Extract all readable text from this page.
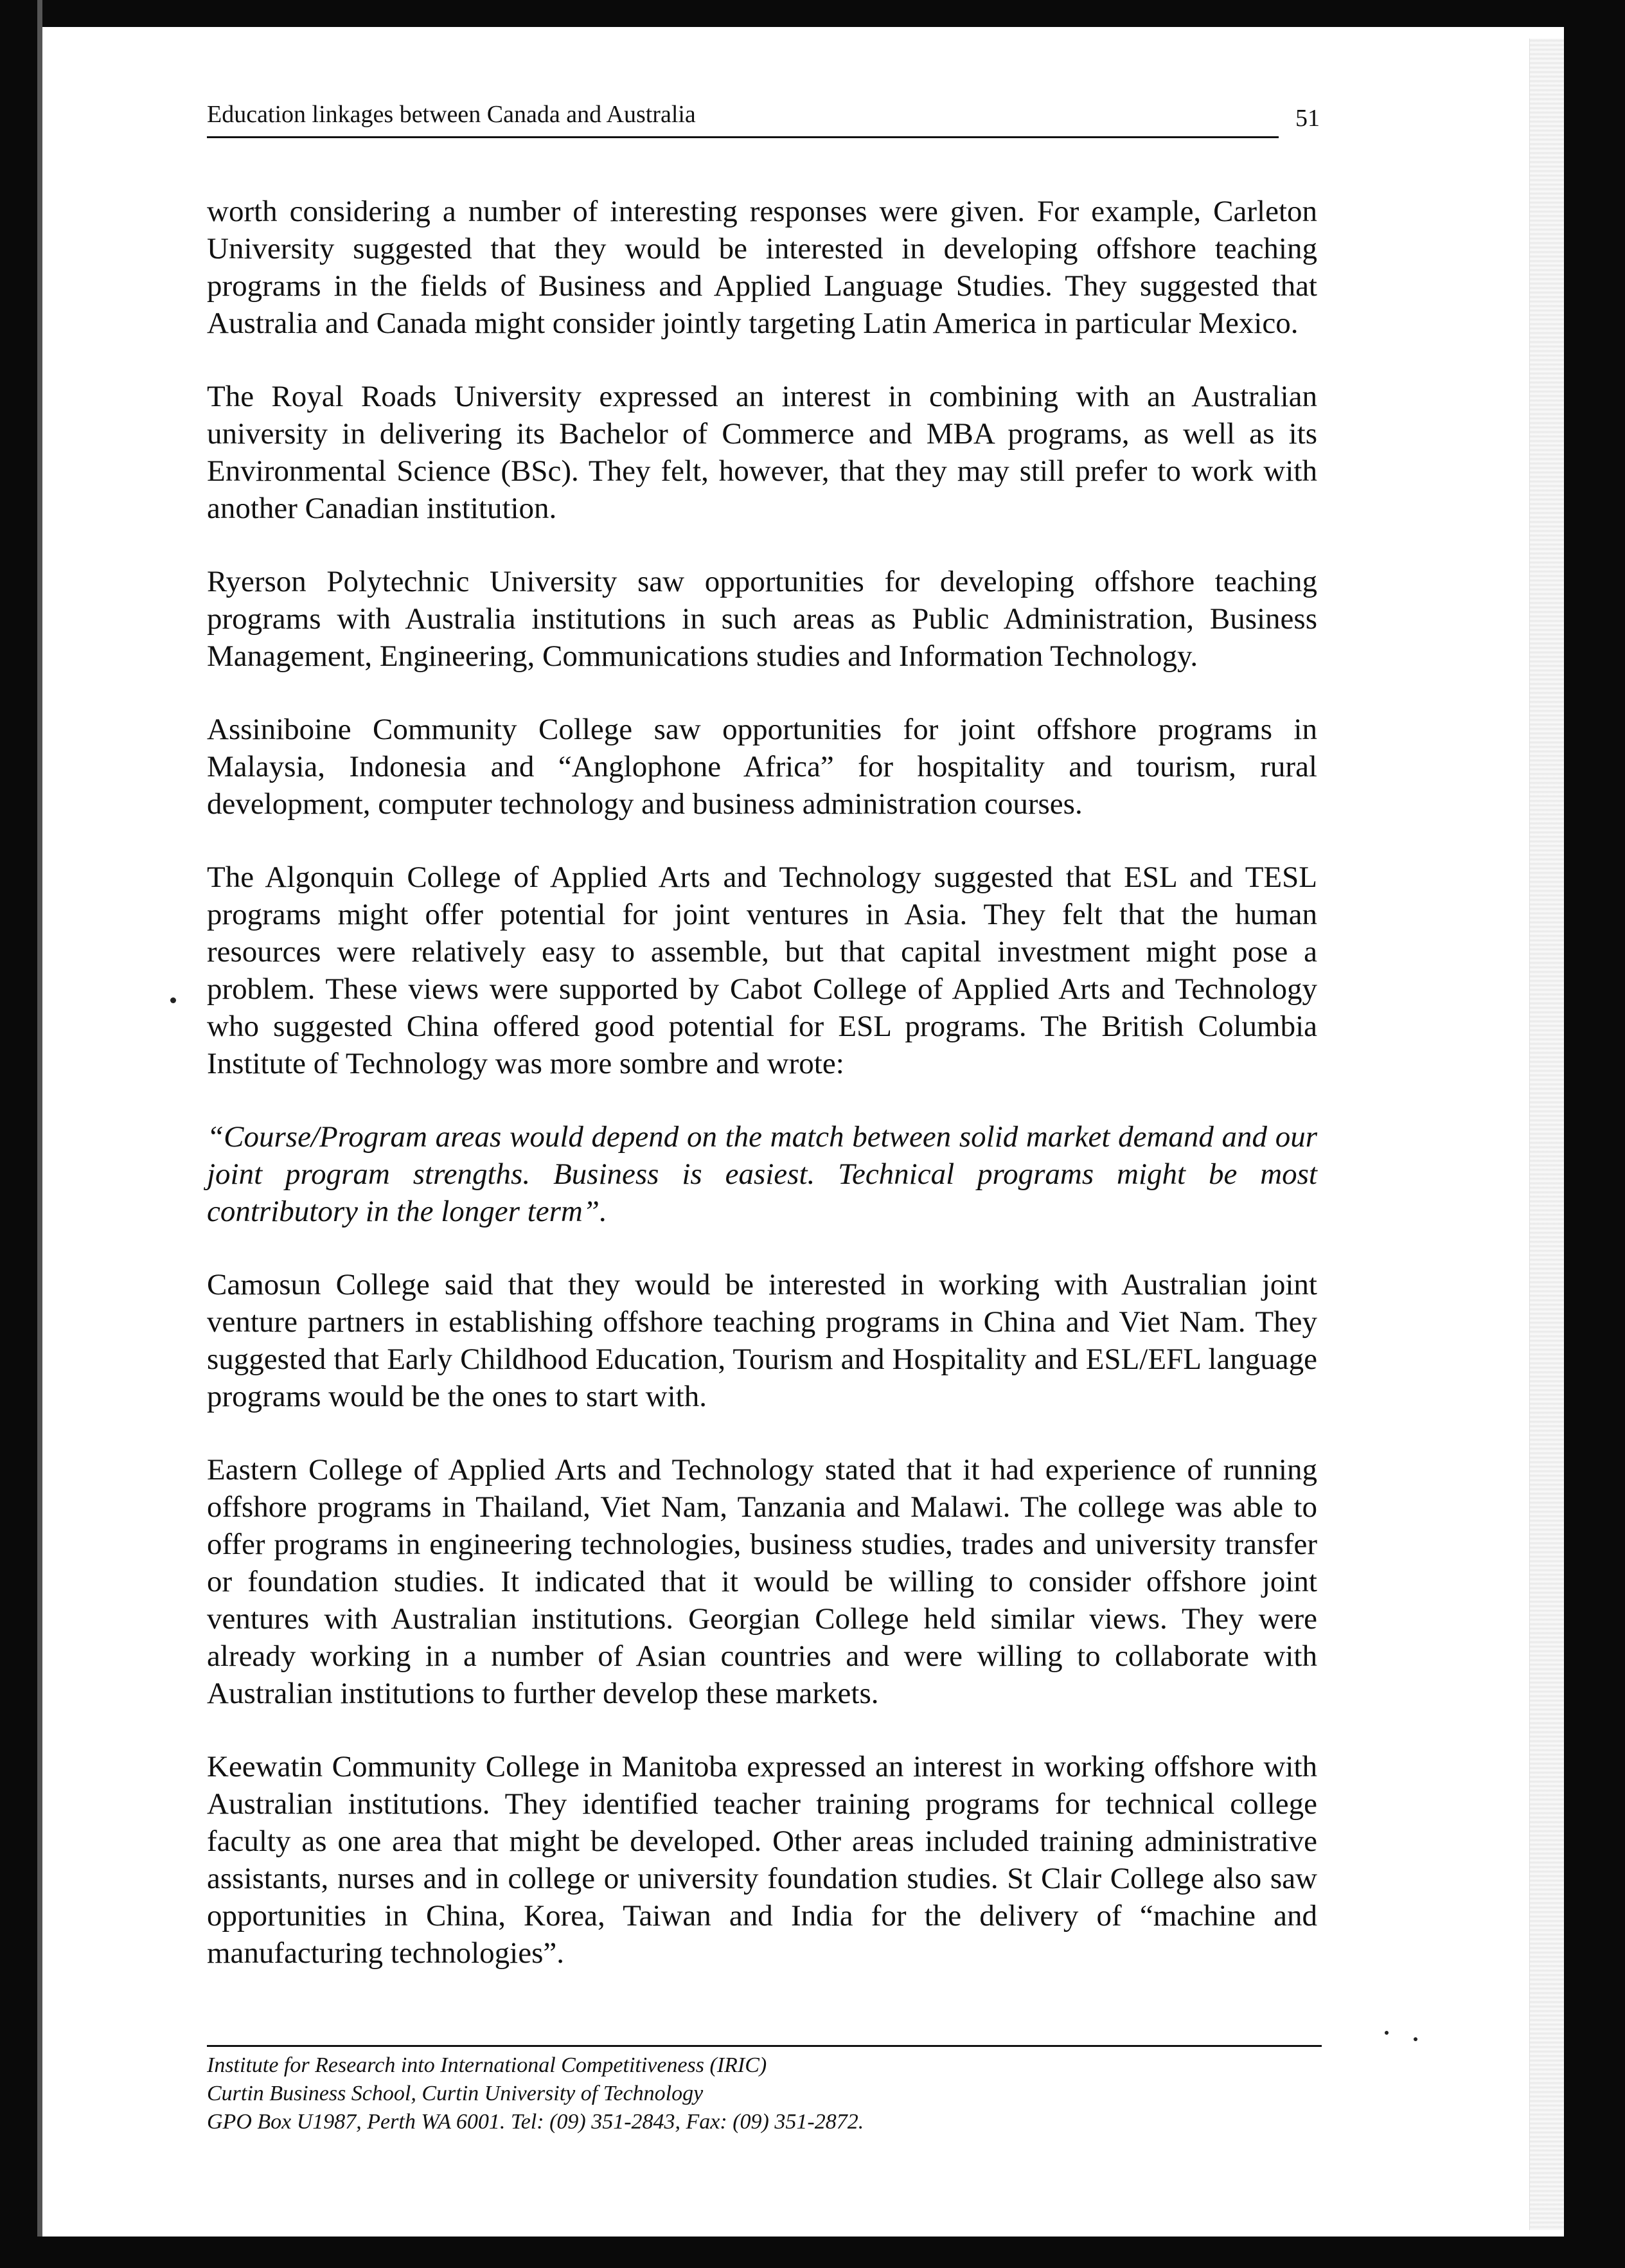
Education linkages between Canada and Australia	51

worth considering a number of interesting responses were given. For example, Carleton University suggested that they would be interested in developing offshore teaching programs in the fields of Business and Applied Language Studies. They suggested that Australia and Canada might consider jointly targeting Latin America in particular Mexico.

The Royal Roads University expressed an interest in combining with an Australian university in delivering its Bachelor of Commerce and MBA programs, as well as its Environmental Science (BSc). They felt, however, that they may still prefer to work with another Canadian institution.

Ryerson Polytechnic University saw opportunities for developing offshore teaching programs with Australia institutions in such areas as Public Administration, Business Management, Engineering, Communications studies and Information Technology.

Assiniboine Community College saw opportunities for joint offshore programs in Malaysia, Indonesia and “Anglophone Africa” for hospitality and tourism, rural development, computer technology and business administration courses.

The Algonquin College of Applied Arts and Technology suggested that ESL and TESL programs might offer potential for joint ventures in Asia. They felt that the human resources were relatively easy to assemble, but that capital investment might pose a problem. These views were supported by Cabot College of Applied Arts and Technology who suggested China offered good potential for ESL programs. The British Columbia Institute of Technology was more sombre and wrote:

“Course/Program areas would depend on the match between solid market demand and our joint program strengths. Business is easiest. Technical programs might be most contributory in the longer term”.

Camosun College said that they would be interested in working with Australian joint venture partners in establishing offshore teaching programs in China and Viet Nam. They suggested that Early Childhood Education, Tourism and Hospitality and ESL/EFL language programs would be the ones to start with.

Eastern College of Applied Arts and Technology stated that it had experience of running offshore programs in Thailand, Viet Nam, Tanzania and Malawi. The college was able to offer programs in engineering technologies, business studies, trades and university transfer or foundation studies. It indicated that it would be willing to consider offshore joint ventures with Australian institutions. Georgian College held similar views. They were already working in a number of Asian countries and were willing to collaborate with Australian institutions to further develop these markets.

Keewatin Community College in Manitoba expressed an interest in working offshore with Australian institutions. They identified teacher training programs for technical college faculty as one area that might be developed. Other areas included training administrative assistants, nurses and in college or university foundation studies. St Clair College also saw opportunities in China, Korea, Taiwan and India for the delivery of “machine and manufacturing technologies”.

Institute for Research into International Competitiveness (IRIC)
Curtin Business School, Curtin University of Technology
GPO Box U1987, Perth WA 6001. Tel: (09) 351-2843, Fax: (09) 351-2872.
